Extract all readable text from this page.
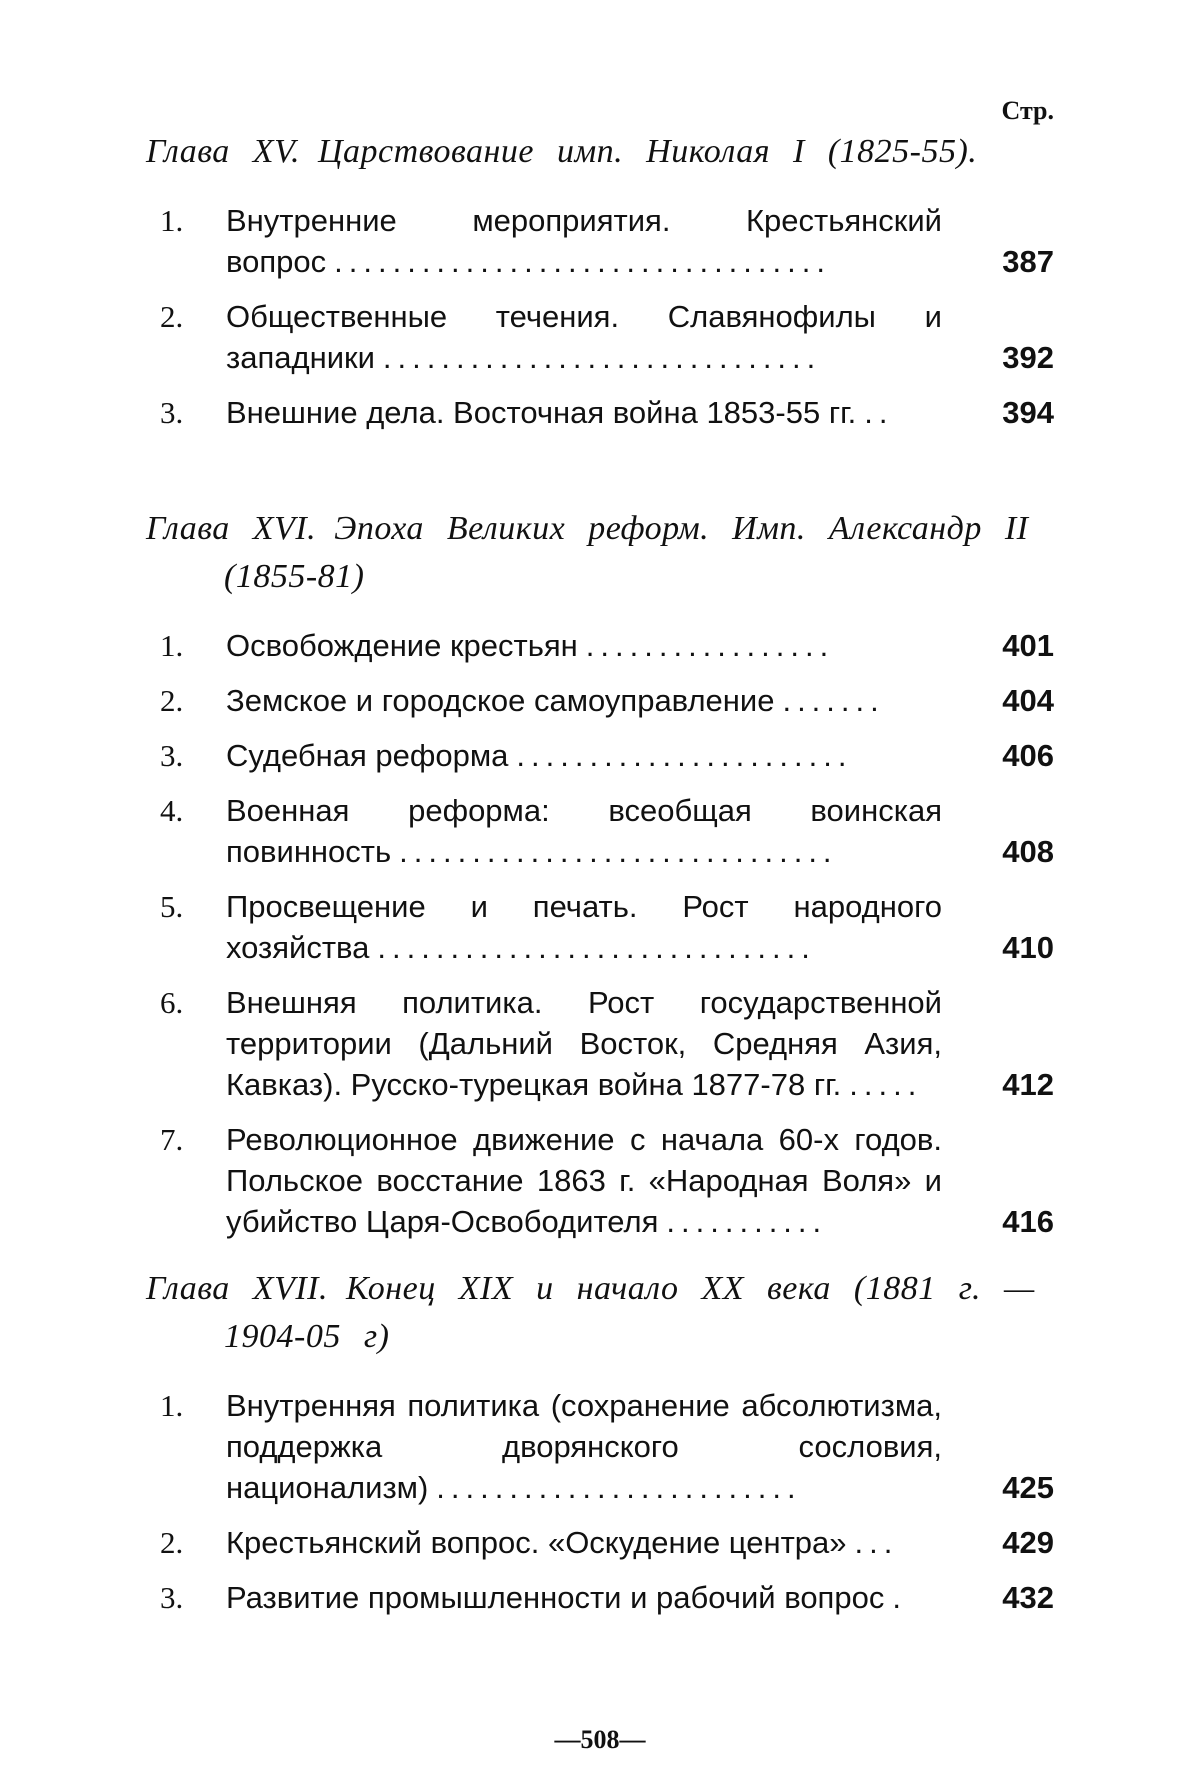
Стр.
Глава XV. Царствование имп. Николая I (1825-55).
1. Внутренние мероприятия. Крестьянский вопрос ..................................	387
2. Общественные течения. Славянофилы и западники ..............................	392
3. Внешние дела. Восточная война 1853-55 гг. ..	394
Глава XVI. Эпоха Великих реформ. Имп. Александр II (1855-81)
1. Освобождение крестьян .................	401
2. Земское и городское самоуправление .......	404
3. Судебная реформа .......................	406
4. Военная реформа: всеобщая воинская повинность ..............................	408
5. Просвещение и печать. Рост народного хозяйства ..............................	410
6. Внешняя политика. Рост государственной территории (Дальний Восток, Средняя Азия, Кавказ). Русско-турецкая война 1877-78 гг. .....	412
7. Революционное движение с начала 60-х годов. Польское восстание 1863 г. «Народная Воля» и убийство Царя-Освободителя ...........	416
Глава XVII. Конец XIX и начало XX века (1881 г. — 1904-05 г)
1. Внутренняя политика (сохранение абсолютизма, поддержка дворянского сословия, национализм) .........................	425
2. Крестьянский вопрос. «Оскудение центра» ...	429
3. Развитие промышленности и рабочий вопрос .	432
—508—
